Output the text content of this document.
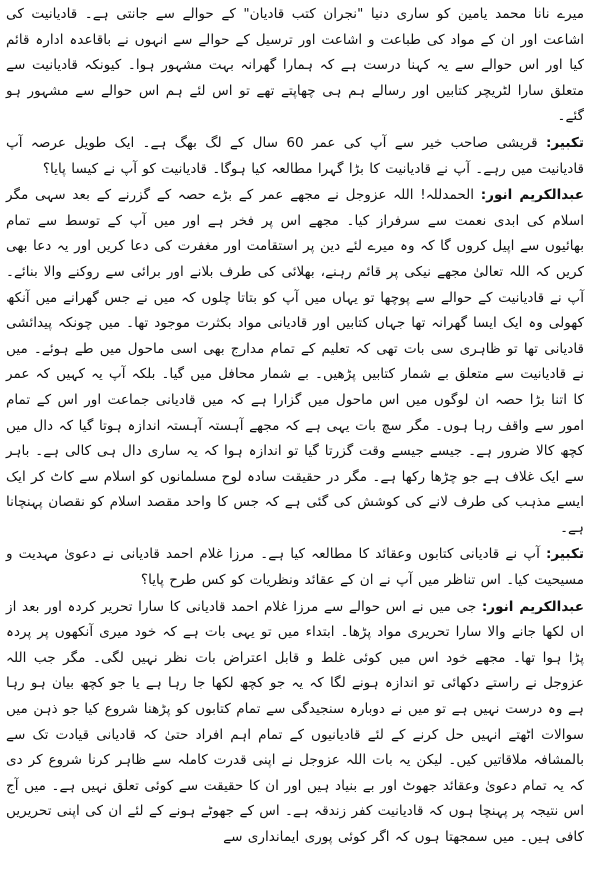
میرے نانا محمد یامین کو ساری دنیا "نجران کتب قادیان" کے حوالے سے جانتی ہے۔ قادیانیت کی اشاعت اور ان کے مواد کی طباعت و اشاعت اور ترسیل کے حوالے سے انہوں نے باقاعدہ ادارہ قائم کیا اور اس حوالے سے یہ کہنا درست ہے کہ ہمارا گھرانہ بہت مشہور ہوا۔ کیونکہ قادیانیت سے متعلق سارا لٹریچر کتابیں اور رسالے ہم ہی چھاپتے تھے تو اس لئے ہم اس حوالے سے مشہور ہو گئے۔

تکبیر: قریشی صاحب خیر سے آپ کی عمر 60 سال کے لگ بھگ ہے۔ ایک طویل عرصہ آپ قادیانیت میں رہے۔ آپ نے قادیانیت کا بڑا گہرا مطالعہ کیا ہوگا۔ قادیانیت کو آپ نے کیسا پایا؟

عبدالکریم انور: الحمدللہ! اللہ عزوجل نے مجھے عمر کے بڑے حصہ کے گزرنے کے بعد سہی مگر اسلام کی ابدی نعمت سے سرفراز کیا۔ مجھے اس پر فخر ہے اور میں آپ کے توسط سے تمام بھائیوں سے اپیل کروں گا کہ وہ میرے لئے دین پر استقامت اور مغفرت کی دعا کریں اور یہ دعا بھی کریں کہ اللہ تعالیٰ مجھے نیکی پر قائم رہنے، بھلائی کی طرف بلانے اور برائی سے روکنے والا بنائے۔ آپ نے قادیانیت کے حوالے سے پوچھا تو یہاں میں آپ کو بتاتا چلوں کہ میں نے جس گھرانے میں آنکھ کھولی وہ ایک ایسا گھرانہ تھا جہاں کتابیں اور قادیانی مواد بکثرت موجود تھا۔ میں چونکہ پیدائشی قادیانی تھا تو ظاہری سی بات تھی کہ تعلیم کے تمام مدارج بھی اسی ماحول میں طے ہوئے۔ میں نے قادیانیت سے متعلق بے شمار کتابیں پڑھیں۔ بے شمار محافل میں گیا۔ بلکہ آپ یہ کہیں کہ عمر کا اتنا بڑا حصہ ان لوگوں میں اس ماحول میں گزارا ہے کہ میں قادیانی جماعت اور اس کے تمام امور سے واقف رہا ہوں۔ مگر سچ بات یہی ہے کہ مجھے آہستہ آہستہ اندازہ ہوتا گیا کہ دال میں کچھ کالا ضرور ہے۔ جیسے جیسے وقت گزرتا گیا تو اندازہ ہوا کہ یہ ساری دال ہی کالی ہے۔ باہر سے ایک غلاف ہے جو چڑھا رکھا ہے۔ مگر در حقیقت سادہ لوح مسلمانوں کو اسلام سے کاٹ کر ایک ایسے مذہب کی طرف لانے کی کوشش کی گئی ہے کہ جس کا واحد مقصد اسلام کو نقصان پہنچانا ہے۔

تکبیر: آپ نے قادیانی کتابوں وعقائد کا مطالعہ کیا ہے۔ مرزا غلام احمد قادیانی نے دعویٰ مہدیت و مسیحیت کیا۔ اس تناظر میں آپ نے ان کے عقائد ونظریات کو کس طرح پایا؟

عبدالکریم انور: جی میں نے اس حوالے سے مرزا غلام احمد قادیانی کا سارا تحریر کردہ اور بعد از اں لکھا جانے والا سارا تحریری مواد پڑھا۔ ابتداء میں تو یہی بات ہے کہ خود میری آنکھوں پر پردہ پڑا ہوا تھا۔ مجھے خود اس میں کوئی غلط و قابل اعتراض بات نظر نہیں لگی۔ مگر جب اللہ عزوجل نے راستے دکھائی تو اندازہ ہونے لگا کہ یہ جو کچھ لکھا جا رہا ہے یا جو کچھ بیان ہو رہا ہے وہ درست نہیں ہے تو میں نے دوبارہ سنجیدگی سے تمام کتابوں کو پڑھنا شروع کیا جو ذہن میں سوالات اٹھتے انہیں حل کرنے کے لئے قادیانیوں کے تمام اہم افراد حتیٰ کہ قادیانی قیادت تک سے بالمشافہ ملاقاتیں کیں۔ لیکن یہ بات اللہ عزوجل نے اپنی قدرت کاملہ سے ظاہر کرنا شروع کر دی کہ یہ تمام دعویٰ وعقائد جھوٹ اور بے بنیاد ہیں اور ان کا حقیقت سے کوئی تعلق نہیں ہے۔ میں آج اس نتیجہ پر پہنچا ہوں کہ قادیانیت کفر زندقہ ہے۔ اس کے جھوٹے ہونے کے لئے ان کی اپنی تحریریں کافی ہیں۔ میں سمجھتا ہوں کہ اگر کوئی پوری ایمانداری سے
